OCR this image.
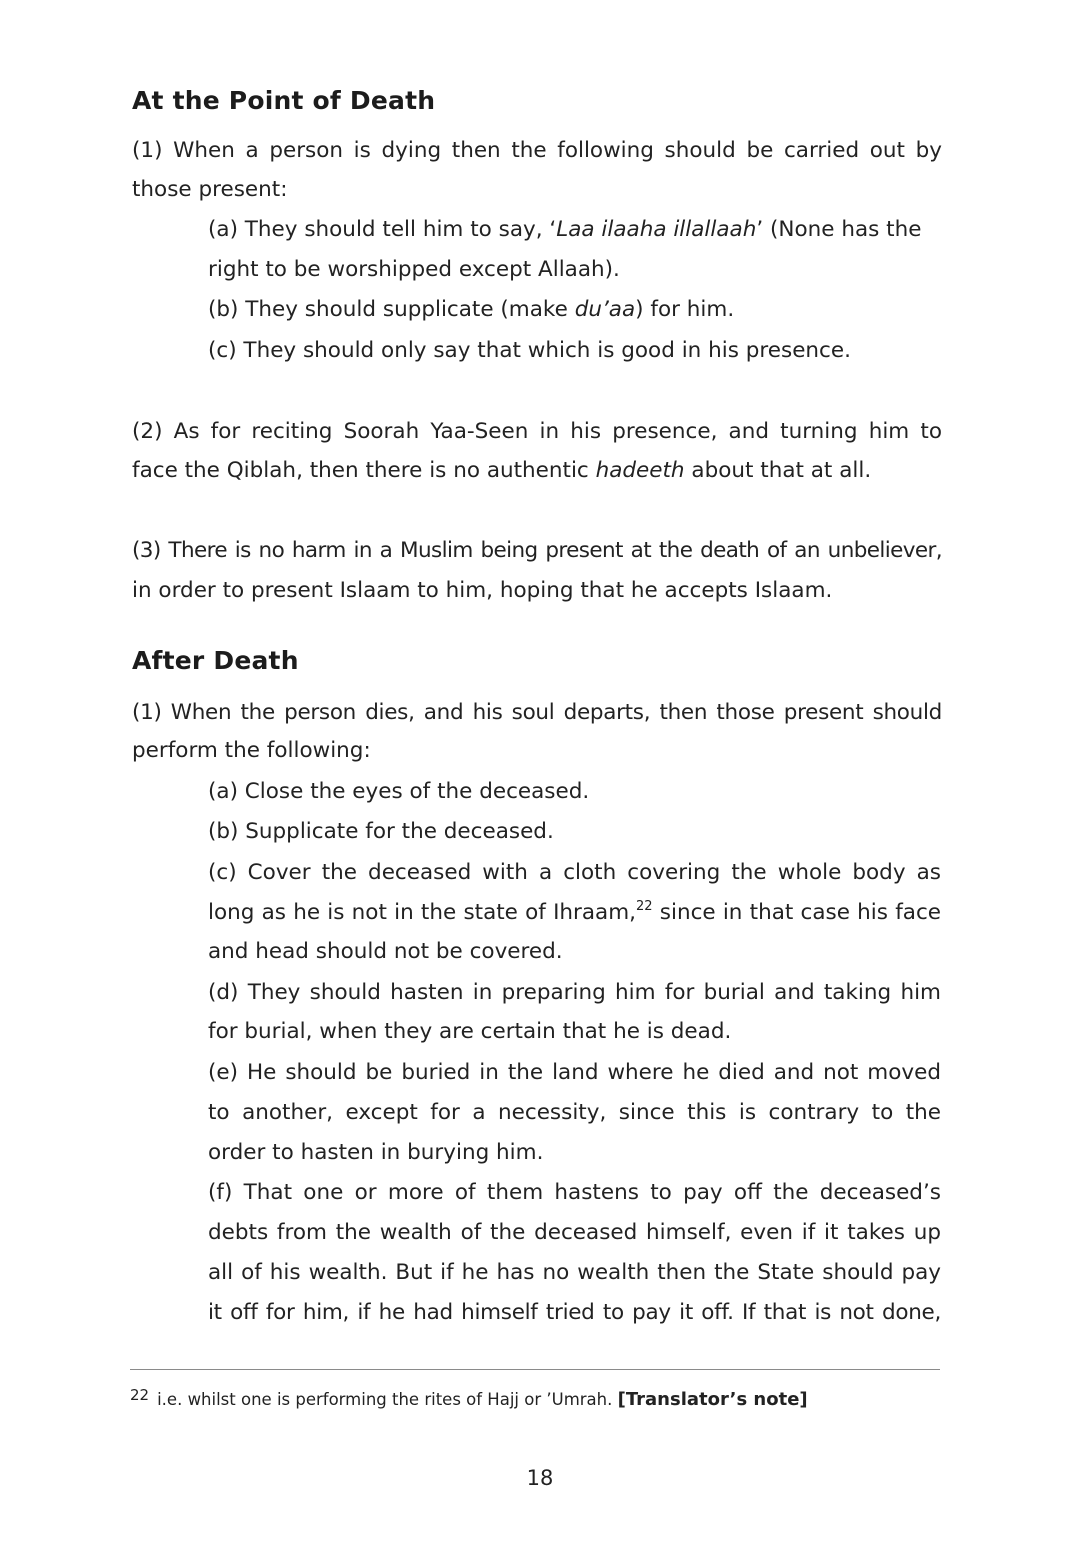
At the Point of Death

(1) When a person is dying then the following should be carried out by

those present:

(a) They should tell him to say, ‘Laa ilaaha illallaah’ (None has the

right to be worshipped except Allaah).

(b) They should supplicate (make du’aa) for him.

(c) They should only say that which is good in his presence.

(2) As for reciting Soorah Yaa-Seen in his presence, and turning him to

face the Qiblah, then there is no authentic hadeeth about that at all.

(3) There is no harm in a Muslim being present at the death of an unbeliever,

in order to present Islaam to him, hoping that he accepts Islaam.

After Death

(1) When the person dies, and his soul departs, then those present should

perform the following:

(a) Close the eyes of the deceased.

(b) Supplicate for the deceased.

(c) Cover the deceased with a cloth covering the whole body as

long as he is not in the state of Ihraam,$^{22}$ since in that case his face

and head should not be covered.

(d) They should hasten in preparing him for burial and taking him

for burial, when they are certain that he is dead.

(e) He should be buried in the land where he died and not moved

to another, except for a necessity, since this is contrary to the

order to hasten in burying him.

(f) That one or more of them hastens to pay off the deceased’s

debts from the wealth of the deceased himself, even if it takes up

all of his wealth. But if he has no wealth then the State should pay

it off for him, if he had himself tried to pay it off. If that is not done,

22 i.e. whilst one is performing the rites of Hajj or ’Umrah. [Translator’s note]
18
